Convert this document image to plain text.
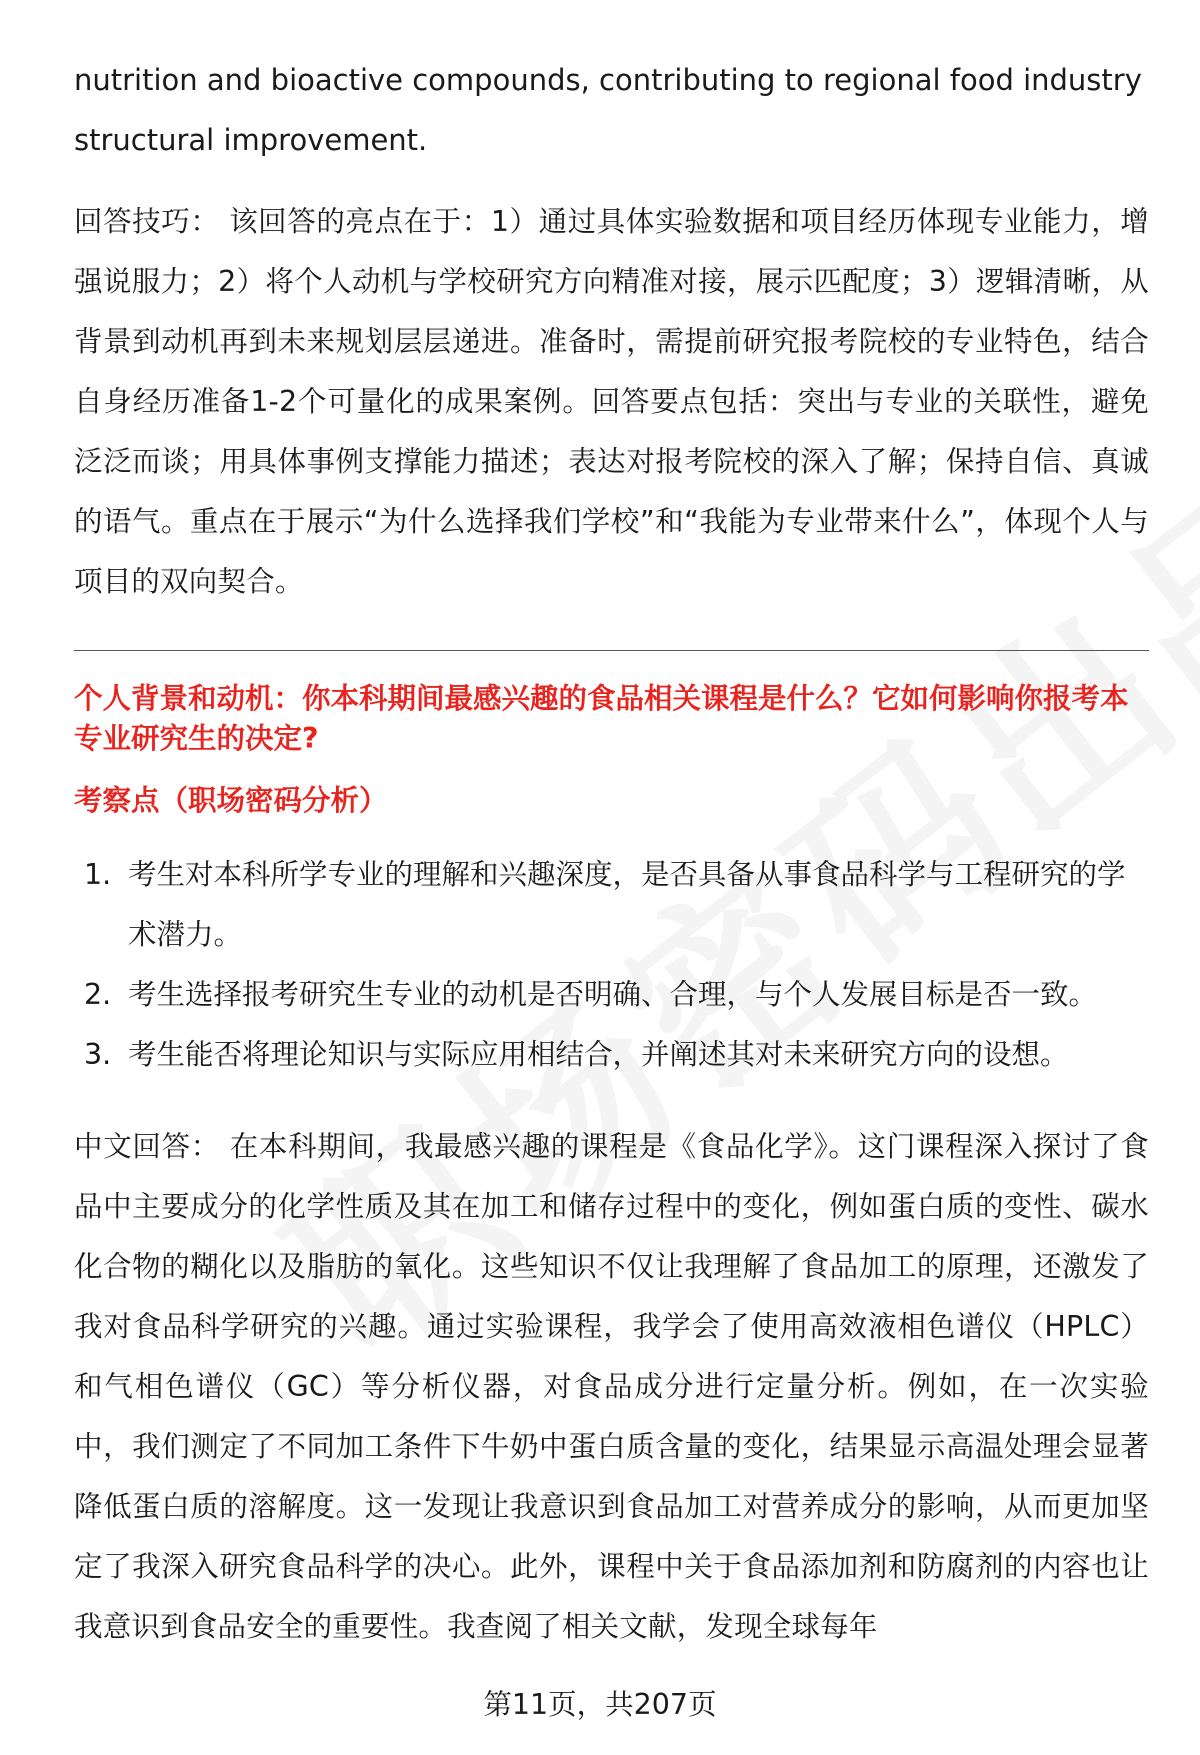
nutrition and bioactive compounds, contributing to regional food industry

structural improvement.

回答技巧： 该回答的亮点在于：1）通过具体实验数据和项目经历体现专业能力，增强说服力；2）将个人动机与学校研究方向精准对接，展示匹配度；3）逻辑清晰，从背景到动机再到未来规划层层递进。准备时，需提前研究报考院校的专业特色，结合自身经历准备1-2个可量化的成果案例。回答要点包括：突出与专业的关联性，避免泛泛而谈；用具体事例支撑能力描述；表达对报考院校的深入了解；保持自信、真诚的语气。重点在于展示“为什么选择我们学校”和“我能为专业带来什么”，体现个人与项目的双向契合。

个人背景和动机：你本科期间最感兴趣的食品相关课程是什么？它如何影响你报考本专业研究生的决定?

考察点（职场密码分析）

1. 考生对本科所学专业的理解和兴趣深度，是否具备从事食品科学与工程研究的学术潜力。
2. 考生选择报考研究生专业的动机是否明确、合理，与个人发展目标是否一致。
3. 考生能否将理论知识与实际应用相结合，并阐述其对未来研究方向的设想。

中文回答： 在本科期间，我最感兴趣的课程是《食品化学》。这门课程深入探讨了食品中主要成分的化学性质及其在加工和储存过程中的变化，例如蛋白质的变性、碳水化合物的糊化以及脂肪的氧化。这些知识不仅让我理解了食品加工的原理，还激发了我对食品科学研究的兴趣。通过实验课程，我学会了使用高效液相色谱仪（HPLC）和气相色谱仪（GC）等分析仪器，对食品成分进行定量分析。例如，在一次实验中，我们测定了不同加工条件下牛奶中蛋白质含量的变化，结果显示高温处理会显著降低蛋白质的溶解度。这一发现让我意识到食品加工对营养成分的影响，从而更加坚定了我深入研究食品科学的决心。此外，课程中关于食品添加剂和防腐剂的内容也让我意识到食品安全的重要性。我查阅了相关文献，发现全球每年

第11页，共207页
